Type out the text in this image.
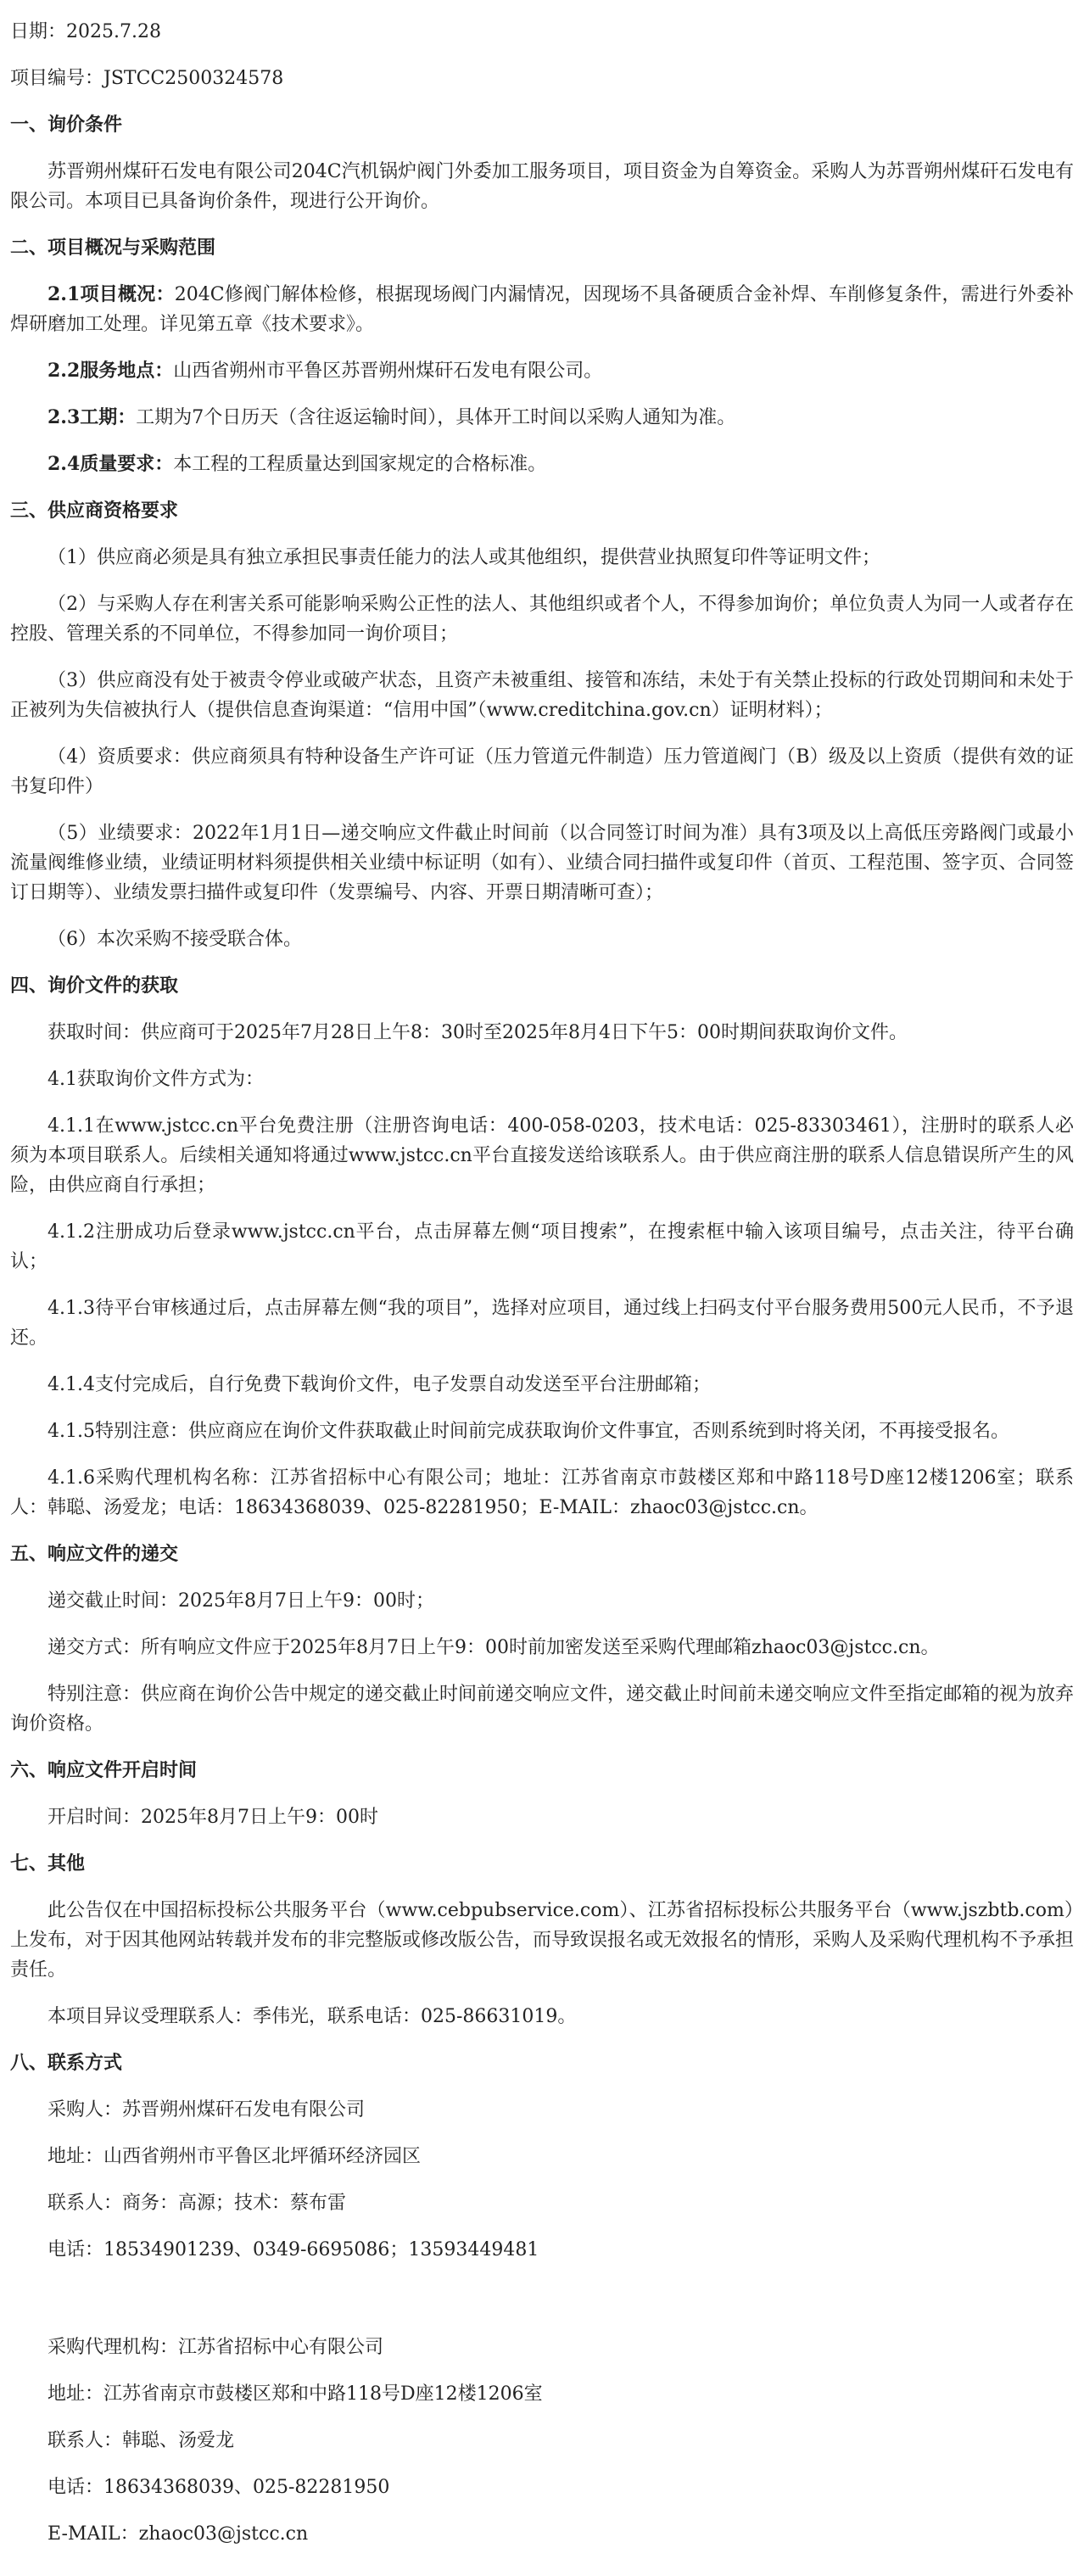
日期：2025.7.28

项目编号：JSTCC2500324578

一、询价条件

苏晋朔州煤矸石发电有限公司204C汽机锅炉阀门外委加工服务项目，项目资金为自筹资金。采购人为苏晋朔州煤矸石发电有限公司。本项目已具备询价条件，现进行公开询价。

二、项目概况与采购范围

2.1项目概况：204C修阀门解体检修，根据现场阀门内漏情况，因现场不具备硬质合金补焊、车削修复条件，需进行外委补焊研磨加工处理。详见第五章《技术要求》。

2.2服务地点：山西省朔州市平鲁区苏晋朔州煤矸石发电有限公司。

2.3工期：工期为7个日历天（含往返运输时间），具体开工时间以采购人通知为准。

2.4质量要求：本工程的工程质量达到国家规定的合格标准。

三、供应商资格要求

（1）供应商必须是具有独立承担民事责任能力的法人或其他组织，提供营业执照复印件等证明文件；

（2）与采购人存在利害关系可能影响采购公正性的法人、其他组织或者个人，不得参加询价；单位负责人为同一人或者存在控股、管理关系的不同单位，不得参加同一询价项目；

（3）供应商没有处于被责令停业或破产状态，且资产未被重组、接管和冻结，未处于有关禁止投标的行政处罚期间和未处于正被列为失信被执行人（提供信息查询渠道：“信用中国”（www.creditchina.gov.cn）证明材料）；

（4）资质要求：供应商须具有特种设备生产许可证（压力管道元件制造）压力管道阀门（B）级及以上资质（提供有效的证书复印件）

（5）业绩要求：2022年1月1日—递交响应文件截止时间前（以合同签订时间为准）具有3项及以上高低压旁路阀门或最小流量阀维修业绩，业绩证明材料须提供相关业绩中标证明（如有）、业绩合同扫描件或复印件（首页、工程范围、签字页、合同签订日期等）、业绩发票扫描件或复印件（发票编号、内容、开票日期清晰可查）；

（6）本次采购不接受联合体。

四、询价文件的获取

获取时间：供应商可于2025年7月28日上午8：30时至2025年8月4日下午5：00时期间获取询价文件。

4.1获取询价文件方式为：

4.1.1在www.jstcc.cn平台免费注册（注册咨询电话：400-058-0203，技术电话：025-83303461），注册时的联系人必须为本项目联系人。后续相关通知将通过www.jstcc.cn平台直接发送给该联系人。由于供应商注册的联系人信息错误所产生的风险，由供应商自行承担；

4.1.2注册成功后登录www.jstcc.cn平台，点击屏幕左侧“项目搜索”，在搜索框中输入该项目编号，点击关注，待平台确认；

4.1.3待平台审核通过后，点击屏幕左侧“我的项目”，选择对应项目，通过线上扫码支付平台服务费用500元人民币，不予退还。

4.1.4支付完成后，自行免费下载询价文件，电子发票自动发送至平台注册邮箱；

4.1.5特别注意：供应商应在询价文件获取截止时间前完成获取询价文件事宜，否则系统到时将关闭，不再接受报名。

4.1.6采购代理机构名称：江苏省招标中心有限公司；地址：江苏省南京市鼓楼区郑和中路118号D座12楼1206室；联系人：韩聪、汤爱龙；电话：18634368039、025-82281950；E-MAIL：zhaoc03@jstcc.cn。

五、响应文件的递交

递交截止时间：2025年8月7日上午9：00时；

递交方式：所有响应文件应于2025年8月7日上午9：00时前加密发送至采购代理邮箱zhaoc03@jstcc.cn。

特别注意：供应商在询价公告中规定的递交截止时间前递交响应文件，递交截止时间前未递交响应文件至指定邮箱的视为放弃询价资格。

六、响应文件开启时间

开启时间：2025年8月7日上午9：00时

七、其他

此公告仅在中国招标投标公共服务平台（www.cebpubservice.com）、江苏省招标投标公共服务平台（www.jszbtb.com）上发布，对于因其他网站转载并发布的非完整版或修改版公告，而导致误报名或无效报名的情形，采购人及采购代理机构不予承担责任。

本项目异议受理联系人：季伟光，联系电话：025-86631019。

八、联系方式

采购人：苏晋朔州煤矸石发电有限公司

地址：山西省朔州市平鲁区北坪循环经济园区

联系人：商务：高源；技术：蔡布雷

电话：18534901239、0349-6695086；13593449481

采购代理机构：江苏省招标中心有限公司

地址：江苏省南京市鼓楼区郑和中路118号D座12楼1206室

联系人：韩聪、汤爱龙

电话：18634368039、025-82281950

E-MAIL：zhaoc03@jstcc.cn
